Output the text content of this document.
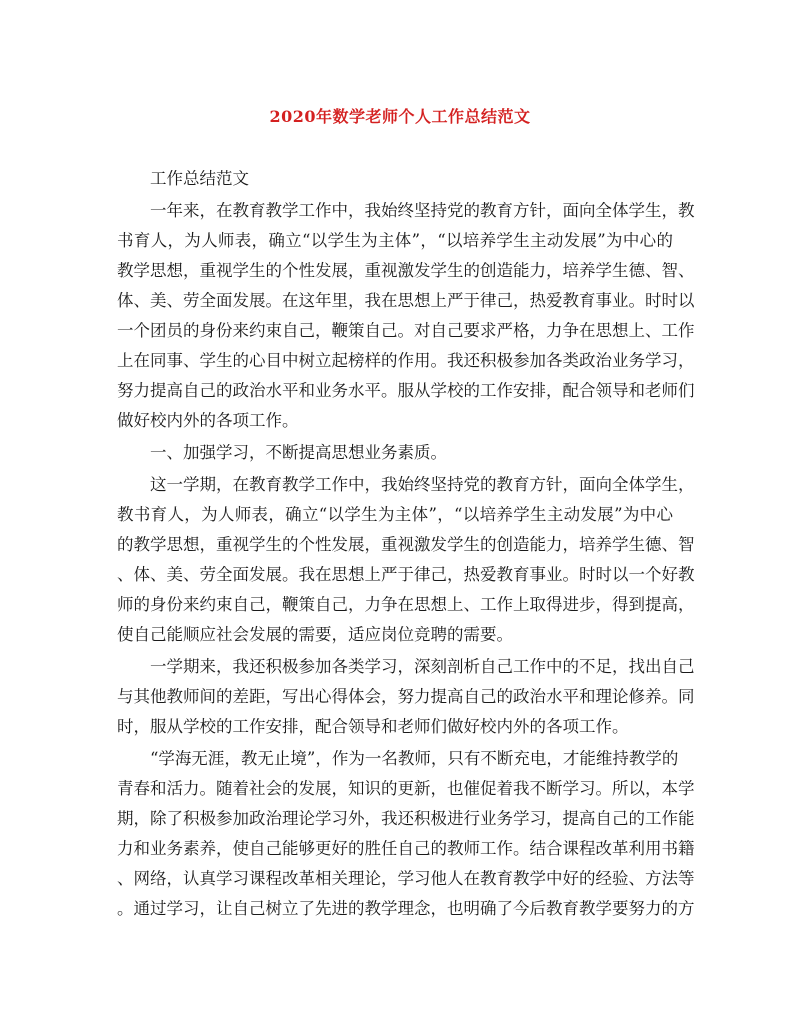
2020年数学老师个人工作总结范文
工作总结范文
一年来，在教育教学工作中，我始终坚持党的教育方针，面向全体学生，教
书育人，为人师表，确立“以学生为主体”，“以培养学生主动发展”为中心的
教学思想，重视学生的个性发展，重视激发学生的创造能力，培养学生德、智、
体、美、劳全面发展。在这年里，我在思想上严于律己，热爱教育事业。时时以
一个团员的身份来约束自己，鞭策自己。对自己要求严格，力争在思想上、工作
上在同事、学生的心目中树立起榜样的作用。我还积极参加各类政治业务学习，
努力提高自己的政治水平和业务水平。服从学校的工作安排，配合领导和老师们
做好校内外的各项工作。
一、加强学习，不断提高思想业务素质。
这一学期，在教育教学工作中，我始终坚持党的教育方针，面向全体学生，
教书育人，为人师表，确立“以学生为主体”，“以培养学生主动发展”为中心
的教学思想，重视学生的个性发展，重视激发学生的创造能力，培养学生德、智
、体、美、劳全面发展。我在思想上严于律己，热爱教育事业。时时以一个好教
师的身份来约束自己，鞭策自己，力争在思想上、工作上取得进步，得到提高，
使自己能顺应社会发展的需要，适应岗位竞聘的需要。
一学期来，我还积极参加各类学习，深刻剖析自己工作中的不足，找出自己
与其他教师间的差距，写出心得体会，努力提高自己的政治水平和理论修养。同
时，服从学校的工作安排，配合领导和老师们做好校内外的各项工作。
“学海无涯，教无止境”，作为一名教师，只有不断充电，才能维持教学的
青春和活力。随着社会的发展，知识的更新，也催促着我不断学习。所以，本学
期，除了积极参加政治理论学习外，我还积极进行业务学习，提高自己的工作能
力和业务素养，使自己能够更好的胜任自己的教师工作。结合课程改革利用书籍
、网络，认真学习课程改革相关理论，学习他人在教育教学中好的经验、方法等
。通过学习，让自己树立了先进的教学理念，也明确了今后教育教学要努力的方
